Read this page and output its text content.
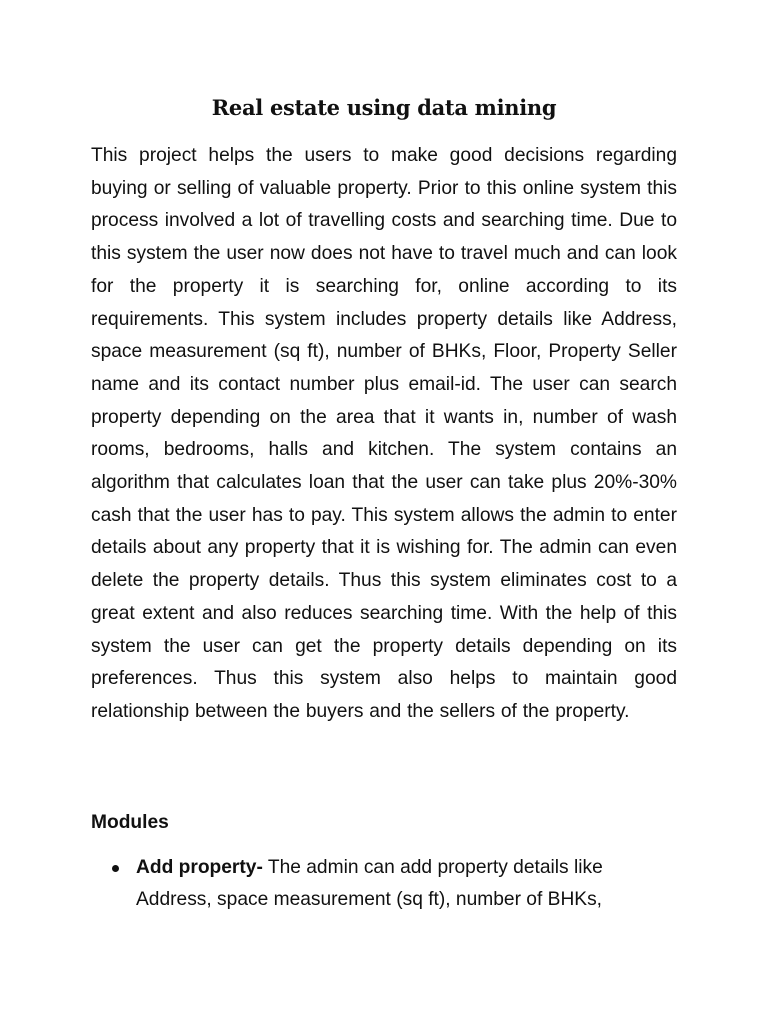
Real estate using data mining

This project helps the users to make good decisions regarding buying or selling of valuable property. Prior to this online system this process involved a lot of travelling costs and searching time. Due to this system the user now does not have to travel much and can look for the property it is searching for, online according to its requirements. This system includes property details like Address, space measurement (sq ft), number of BHKs, Floor, Property Seller name and its contact number plus email-id. The user can search property depending on the area that it wants in, number of wash rooms, bedrooms, halls and kitchen. The system contains an algorithm that calculates loan that the user can take plus 20%-30% cash that the user has to pay. This system allows the admin to enter details about any property that it is wishing for. The admin can even delete the property details. Thus this system eliminates cost to a great extent and also reduces searching time. With the help of this system the user can get the property details depending on its preferences. Thus this system also helps to maintain good relationship between the buyers and the sellers of the property.

Modules
Add property- The admin can add property details like Address, space measurement (sq ft), number of BHKs,
